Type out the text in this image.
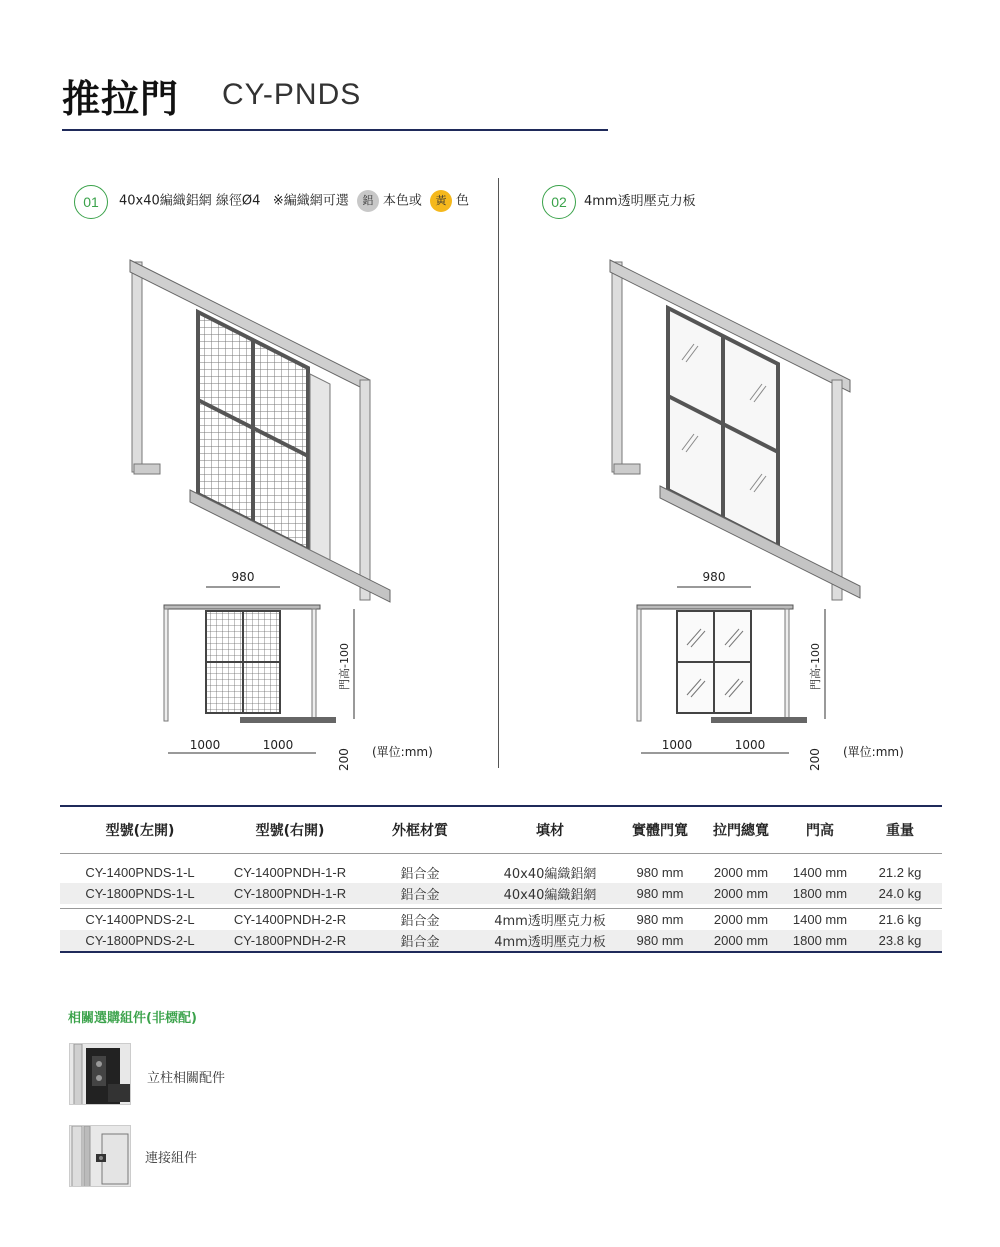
推拉門 CY-PNDS
01	40x40編織鋁網 線徑Ø4 ※編織網可選 鋁 本色或 黃 色	02	4mm透明壓克力板
980
1000	1000
門高-100
200 (單位:mm)
980
1000	1000
門高-100
200 (單位:mm)
型號(左開)	型號(右開)	外框材質	填材	實體門寬	拉門總寬	門高	重量

CY-1400PNDS-1-L	CY-1400PNDH-1-R	鋁合金	40x40編織鋁網	980 mm	2000 mm	1400 mm	21.2 kg
CY-1800PNDS-1-L	CY-1800PNDH-1-R	鋁合金	40x40編織鋁網	980 mm	2000 mm	1800 mm	24.0 kg

CY-1400PNDS-2-L	CY-1400PNDH-2-R	鋁合金	4mm透明壓克力板	980 mm	2000 mm	1400 mm	21.6 kg
CY-1800PNDS-2-L	CY-1800PNDH-2-R	鋁合金	4mm透明壓克力板	980 mm	2000 mm	1800 mm	23.8 kg
相關選購組件(非標配)
立柱相關配件
連接組件
